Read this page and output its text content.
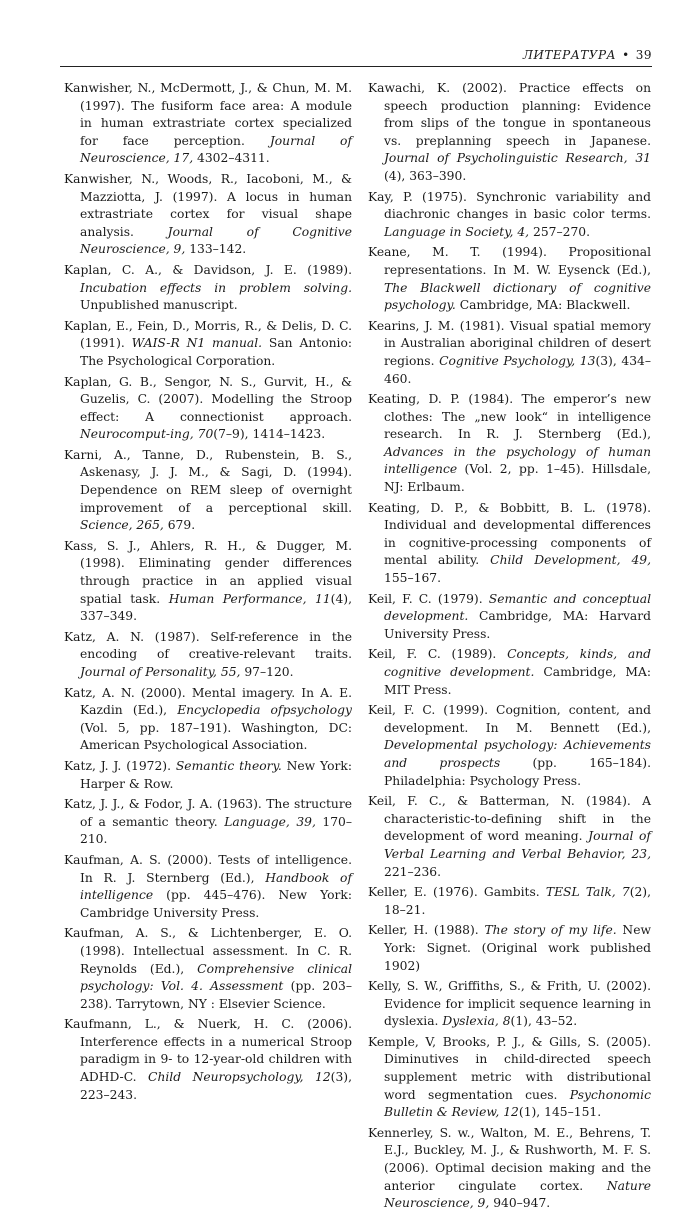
ЛИТЕРАТУРА • 39

Kanwisher, N., McDermott, J., & Chun, M. M. (1997). The fusiform face area: A module in human extrastriate cortex specialized for face perception. Journal of Neuroscience, 17, 4302–4311.

Kanwisher, N., Woods, R., Iacoboni, M., & Mazziotta, J. (1997). A locus in human extrastriate cortex for visual shape analysis. Journal of Cognitive Neuroscience, 9, 133–142.

Kaplan, C. A., & Davidson, J. E. (1989). Incubation effects in problem solving. Unpublished manuscript.

Kaplan, E., Fein, D., Morris, R., & Delis, D. C. (1991). WAIS-R N1 manual. San Antonio: The Psychological Corporation.

Kaplan, G. B., Sengor, N. S., Gurvit, H., & Guzelis, C. (2007). Modelling the Stroop effect: A connectionist approach. Neurocomput-ing, 70(7–9), 1414–1423.

Karni, A., Tanne, D., Rubenstein, B. S., Askenasy, J. J. M., & Sagi, D. (1994). Dependence on REM sleep of overnight improvement of a perceptional skill. Science, 265, 679.

Kass, S. J., Ahlers, R. H., & Dugger, M. (1998). Eliminating gender differences through practice in an applied visual spatial task. Human Performance, 11(4), 337–349.

Katz, A. N. (1987). Self-reference in the encoding of creative-relevant traits. Journal of Personality, 55, 97–120.

Katz, A. N. (2000). Mental imagery. In A. E. Kazdin (Ed.), Encyclopedia ofpsychology (Vol. 5, pp. 187–191). Washington, DC: American Psychological Association.

Katz, J. J. (1972). Semantic theory. New York: Harper & Row.

Katz, J. J., & Fodor, J. A. (1963). The structure of a semantic theory. Language, 39, 170–210.

Kaufman, A. S. (2000). Tests of intelligence. In R. J. Sternberg (Ed.), Handbook of intelligence (pp. 445–476). New York: Cambridge University Press.

Kaufman, A. S., & Lichtenberger, E. O. (1998). Intellectual assessment. In C. R. Reynolds (Ed.), Comprehensive clinical psychology: Vol. 4. Assessment (pp. 203–238). Tarrytown, NY : Elsevier Science.

Kaufmann, L., & Nuerk, H. C. (2006). Interference effects in a numerical Stroop paradigm in 9- to 12-year-old children with ADHD-C. Child Neuropsychology, 12(3), 223–243.

Kawachi, K. (2002). Practice effects on speech production planning: Evidence from slips of the tongue in spontaneous vs. preplanning speech in Japanese. Journal of Psycholinguistic Research, 31 (4), 363–390.

Kay, P. (1975). Synchronic variability and diachronic changes in basic color terms. Language in Society, 4, 257–270.

Keane, M. T. (1994). Propositional representations. In M. W. Eysenck (Ed.), The Blackwell dictionary of cognitive psychology. Cambridge, MA: Blackwell.

Kearins, J. M. (1981). Visual spatial memory in Australian aboriginal children of desert regions. Cognitive Psychology, 13(3), 434–460.

Keating, D. P. (1984). The emperor’s new clothes: The „new look“ in intelligence research. In R. J. Sternberg (Ed.), Advances in the psychology of human intelligence (Vol. 2, pp. 1–45). Hillsdale, NJ: Erlbaum.

Keating, D. P., & Bobbitt, B. L. (1978). Individual and developmental differences in cognitive-processing components of mental ability. Child Development, 49, 155–167.

Keil, F. C. (1979). Semantic and conceptual development. Cambridge, MA: Harvard University Press.

Keil, F. C. (1989). Concepts, kinds, and cognitive development. Cambridge, MA: MIT Press.

Keil, F. C. (1999). Cognition, content, and development. In M. Bennett (Ed.), Developmental psychology: Achievements and prospects (pp. 165–184). Philadelphia: Psychology Press.

Keil, F. C., & Batterman, N. (1984). A characteristic-to-defining shift in the development of word meaning. Journal of Verbal Learning and Verbal Behavior, 23, 221–236.

Keller, E. (1976). Gambits. TESL Talk, 7(2), 18–21.

Keller, H. (1988). The story of my life. New York: Signet. (Original work published 1902)

Kelly, S. W., Griffiths, S., & Frith, U. (2002). Evidence for implicit sequence learning in dyslexia. Dyslexia, 8(1), 43–52.

Kemple, V, Brooks, P. J., & Gills, S. (2005). Diminutives in child-directed speech supplement metric with distributional word segmentation cues. Psychonomic Bulletin & Review, 12(1), 145–151.

Kennerley, S. w., Walton, M. E., Behrens, T. E.J., Buckley, M. J., & Rushworth, M. F. S. (2006). Optimal decision making and the anterior cingulate cortex. Nature Neuroscience, 9, 940–947.
